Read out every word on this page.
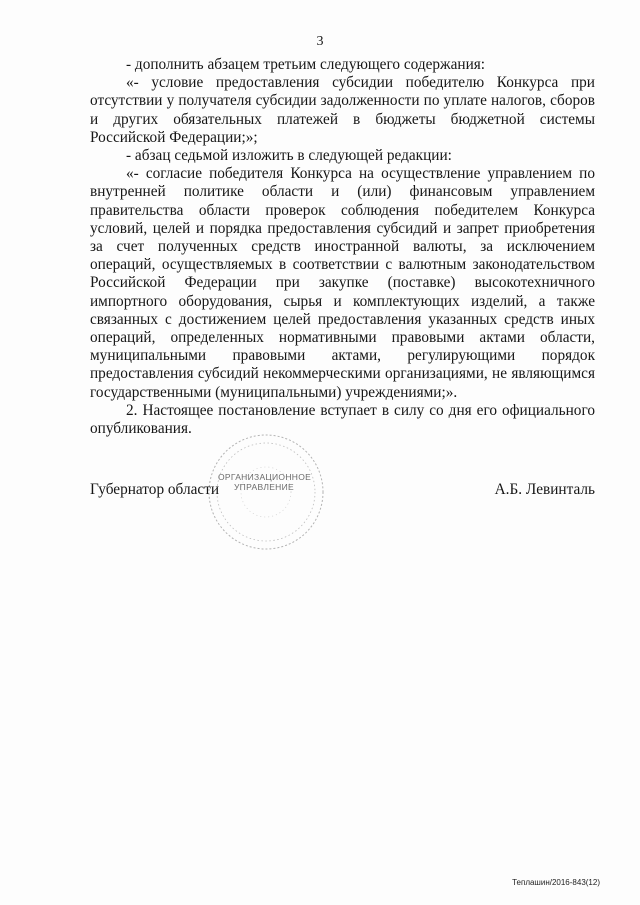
3

- дополнить абзацем третьим следующего содержания:

«- условие предоставления субсидии победителю Конкурса при отсутствии у получателя субсидии задолженности по уплате налогов, сборов и других обязательных платежей в бюджеты бюджетной системы Российской Федерации;»;

- абзац седьмой изложить в следующей редакции:

«- согласие победителя Конкурса на осуществление управлением по внутренней политике области и (или) финансовым управлением правительства области проверок соблюдения победителем Конкурса условий, целей и порядка предоставления субсидий и запрет приобретения за счет полученных средств иностранной валюты, за исключением операций, осуществляемых в соответствии с валютным законодательством Российской Федерации при закупке (поставке) высокотехничного импортного оборудования, сырья и комплектующих изделий, а также связанных с достижением целей предоставления указанных средств иных операций, определенных нормативными правовыми актами области, муниципальными правовыми актами, регулирующими порядок предоставления субсидий некоммерческими организациями, не являющимся государственными (муниципальными) учреждениями;».

2. Настоящее постановление вступает в силу со дня его официального опубликования.

ОРГАНИЗАЦИОННОЕ УПРАВЛЕНИЕ
Губернатор области	А.Б. Левинталь
Теплашин/2016-843(12)
